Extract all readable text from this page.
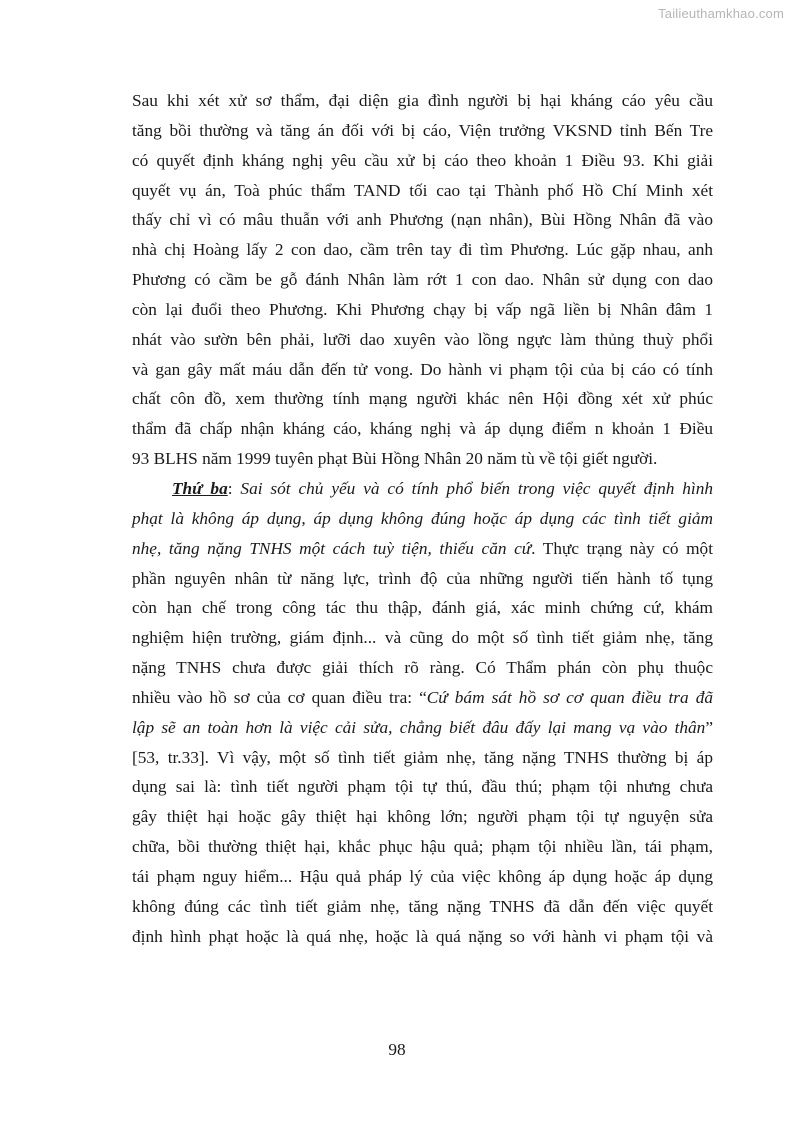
Tailieuthamkhao.com
Sau khi xét xử sơ thẩm, đại diện gia đình người bị hại kháng cáo yêu cầu
tăng bồi thường và tăng án đối với bị cáo, Viện trưởng VKSND tỉnh Bến Tre
có quyết định kháng nghị yêu cầu xử bị cáo theo khoản 1 Điều 93. Khi giải
quyết vụ án, Toà phúc thẩm TAND tối cao tại Thành phố Hồ Chí Minh xét
thấy chỉ vì có mâu thuẫn với anh Phương (nạn nhân), Bùi Hồng Nhân đã vào
nhà chị Hoàng lấy 2 con dao, cầm trên tay đi tìm Phương. Lúc gặp nhau, anh
Phương có cầm be gỗ đánh Nhân làm rớt 1 con dao. Nhân sử dụng con dao
còn lại đuổi theo Phương. Khi Phương chạy bị vấp ngã liền bị Nhân đâm 1
nhát vào sườn bên phải, lưỡi dao xuyên vào lồng ngực làm thủng thuỳ phổi
và gan gây mất máu dẫn đến tử vong. Do hành vi phạm tội của bị cáo có tính
chất côn đồ, xem thường tính mạng người khác nên Hội đồng xét xử phúc
thẩm đã chấp nhận kháng cáo, kháng nghị và áp dụng điểm n khoản 1 Điều
93 BLHS năm 1999 tuyên phạt Bùi Hồng Nhân 20 năm tù về tội giết người.
Thứ ba: Sai sót chủ yếu và có tính phổ biến trong việc quyết định hình
phạt là không áp dụng, áp dụng không đúng hoặc áp dụng các tình tiết giảm
nhẹ, tăng nặng TNHS một cách tuỳ tiện, thiếu căn cứ. Thực trạng này có một
phần nguyên nhân từ năng lực, trình độ của những người tiến hành tố tụng
còn hạn chế trong công tác thu thập, đánh giá, xác minh chứng cứ, khám
nghiệm hiện trường, giám định... và cũng do một số tình tiết giảm nhẹ, tăng
nặng TNHS chưa được giải thích rõ ràng. Có Thẩm phán còn phụ thuộc
nhiều vào hồ sơ của cơ quan điều tra: “Cứ bám sát hồ sơ cơ quan điều tra đã
lập sẽ an toàn hơn là việc cải sửa, chẳng biết đâu đấy lại mang vạ vào thân”
[53, tr.33]. Vì vậy, một số tình tiết giảm nhẹ, tăng nặng TNHS thường bị áp
dụng sai là: tình tiết người phạm tội tự thú, đầu thú; phạm tội nhưng chưa
gây thiệt hại hoặc gây thiệt hại không lớn; người phạm tội tự nguyện sửa
chữa, bồi thường thiệt hại, khắc phục hậu quả; phạm tội nhiều lần, tái phạm,
tái phạm nguy hiểm... Hậu quả pháp lý của việc không áp dụng hoặc áp dụng
không đúng các tình tiết giảm nhẹ, tăng nặng TNHS đã dẫn đến việc quyết
định hình phạt hoặc là quá nhẹ, hoặc là quá nặng so với hành vi phạm tội và
98
